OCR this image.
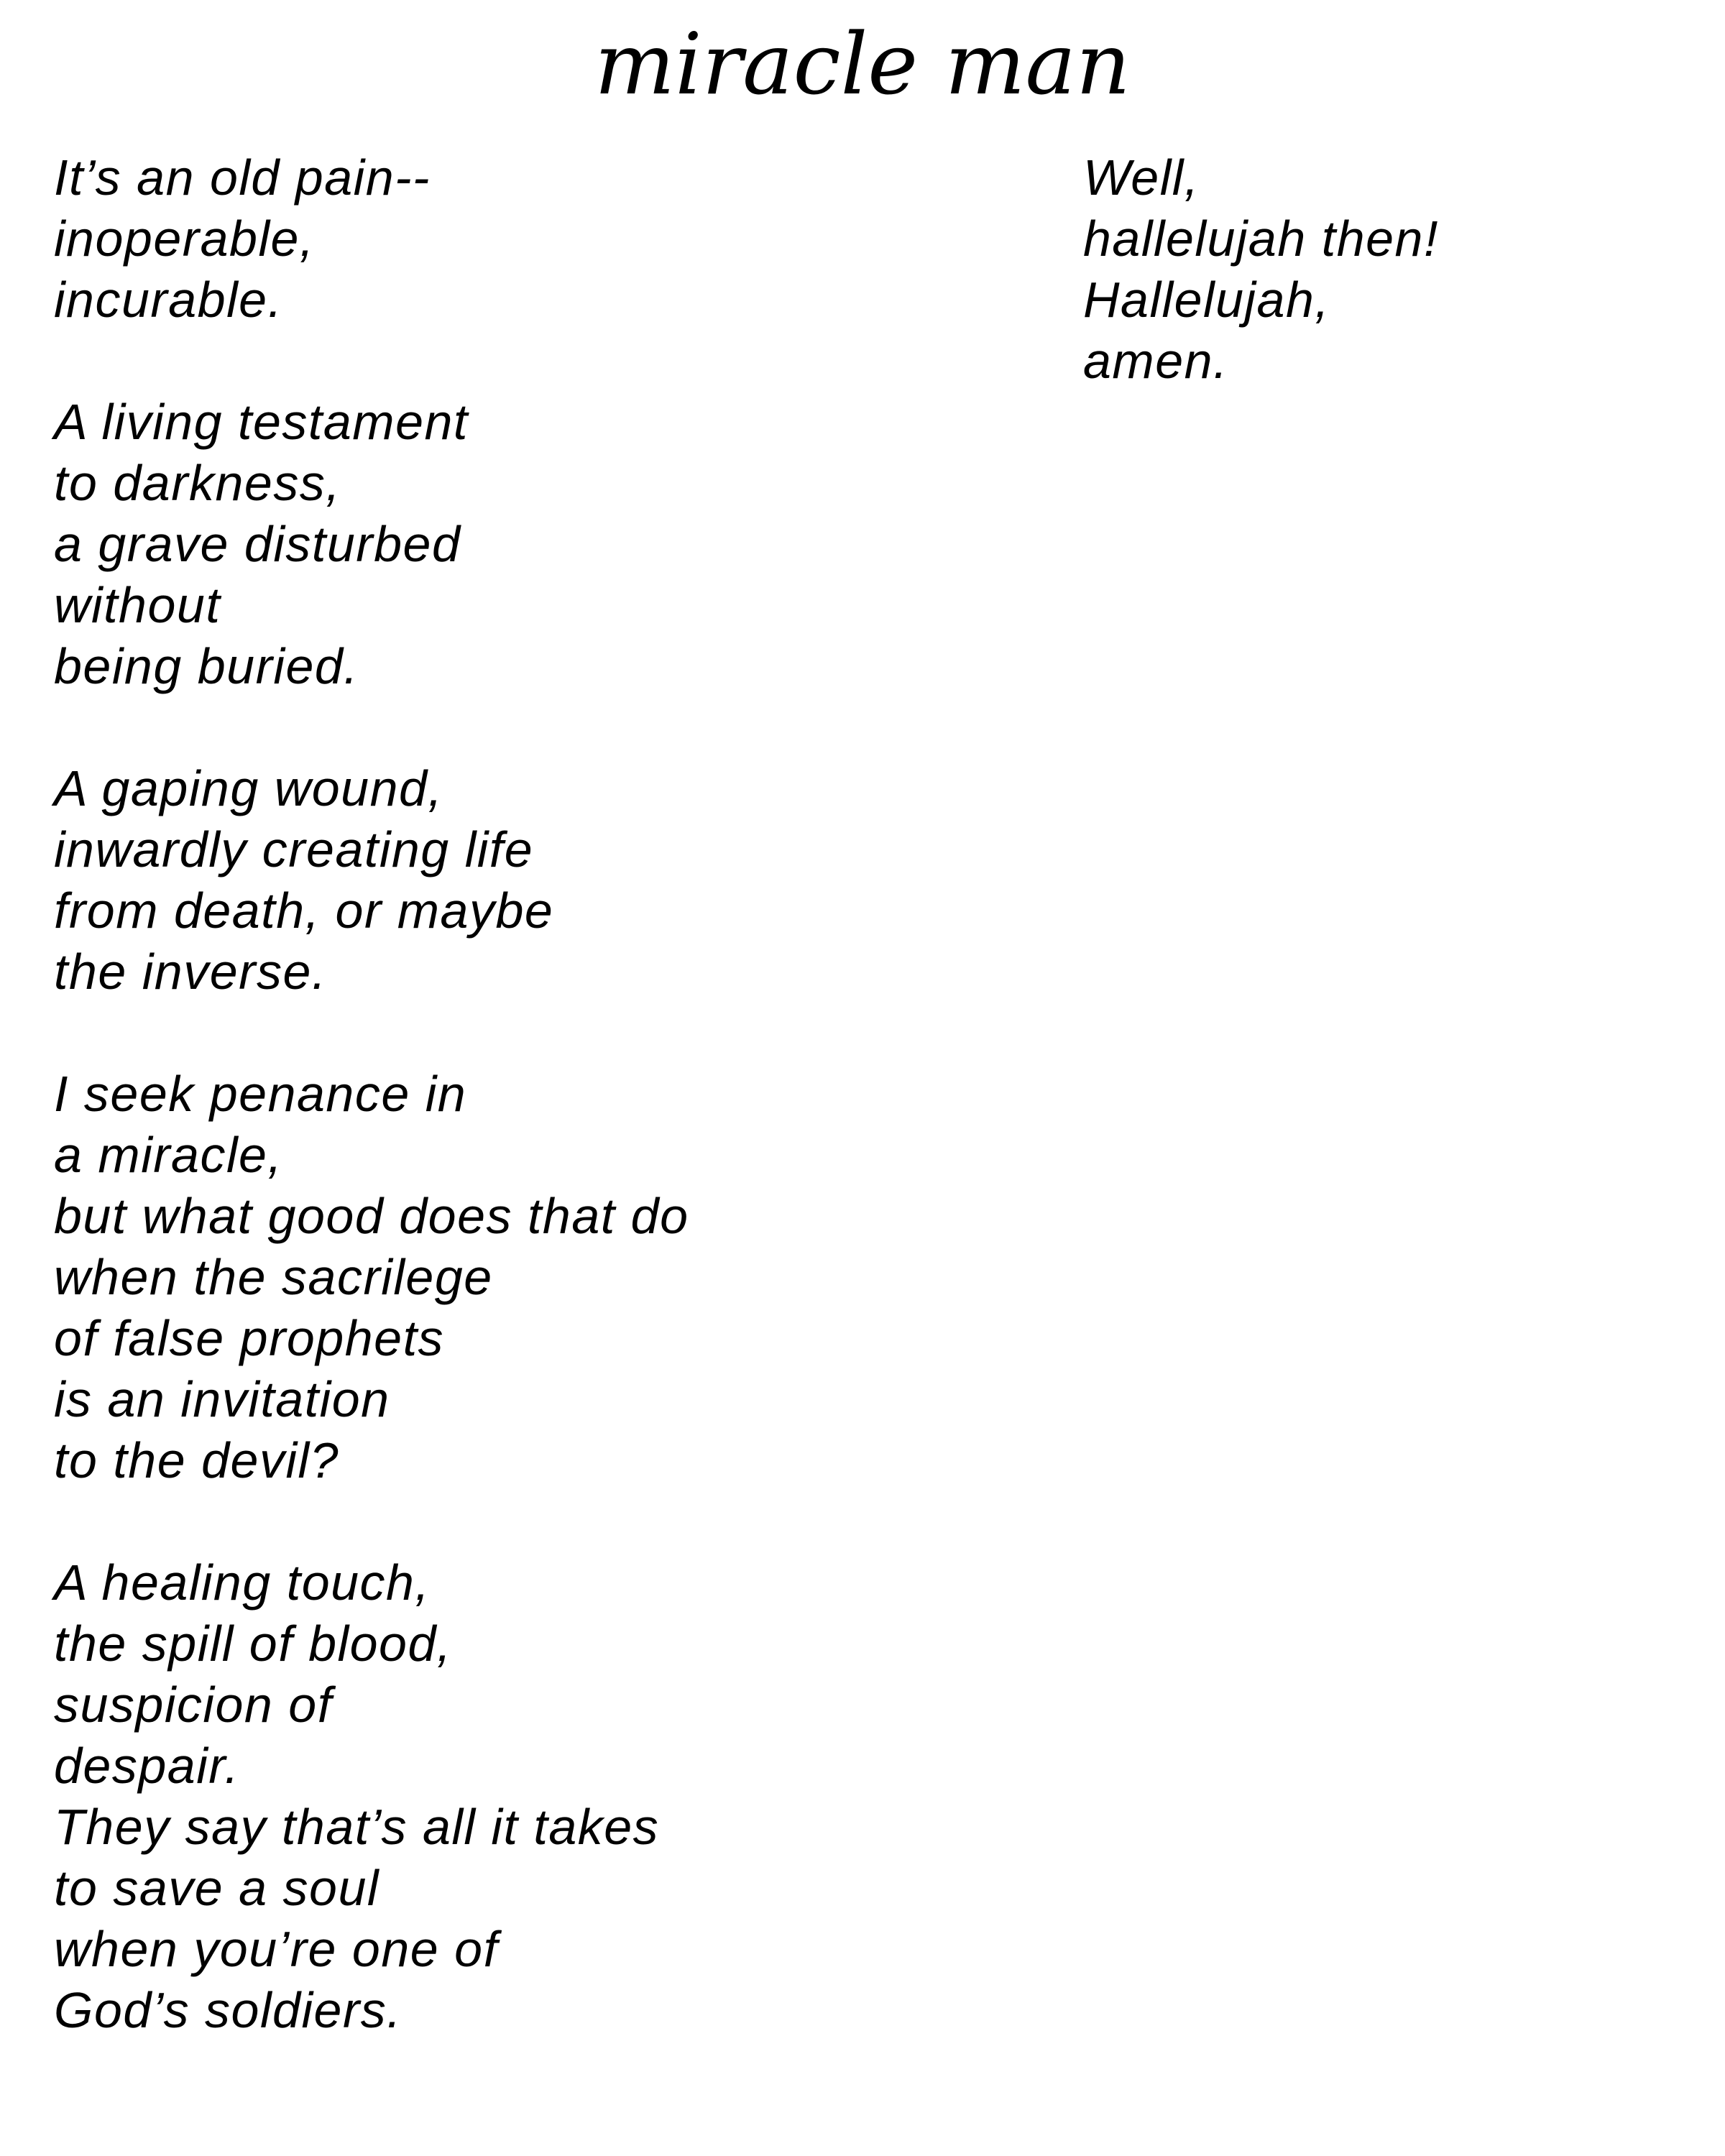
miracle man
It’s an old pain--
inoperable,
incurable.
A living testament
to darkness,
a grave disturbed
without
being buried.
A gaping wound,
inwardly creating life
from death, or maybe
the inverse.
I seek penance in
a miracle,
but what good does that do
when the sacrilege
of false prophets
is an invitation
to the devil?
A healing touch,
the spill of blood,
suspicion of
despair.
They say that’s all it takes
to save a soul
when you’re one of
God’s soldiers.
Well,
hallelujah then!
Hallelujah,
amen.
